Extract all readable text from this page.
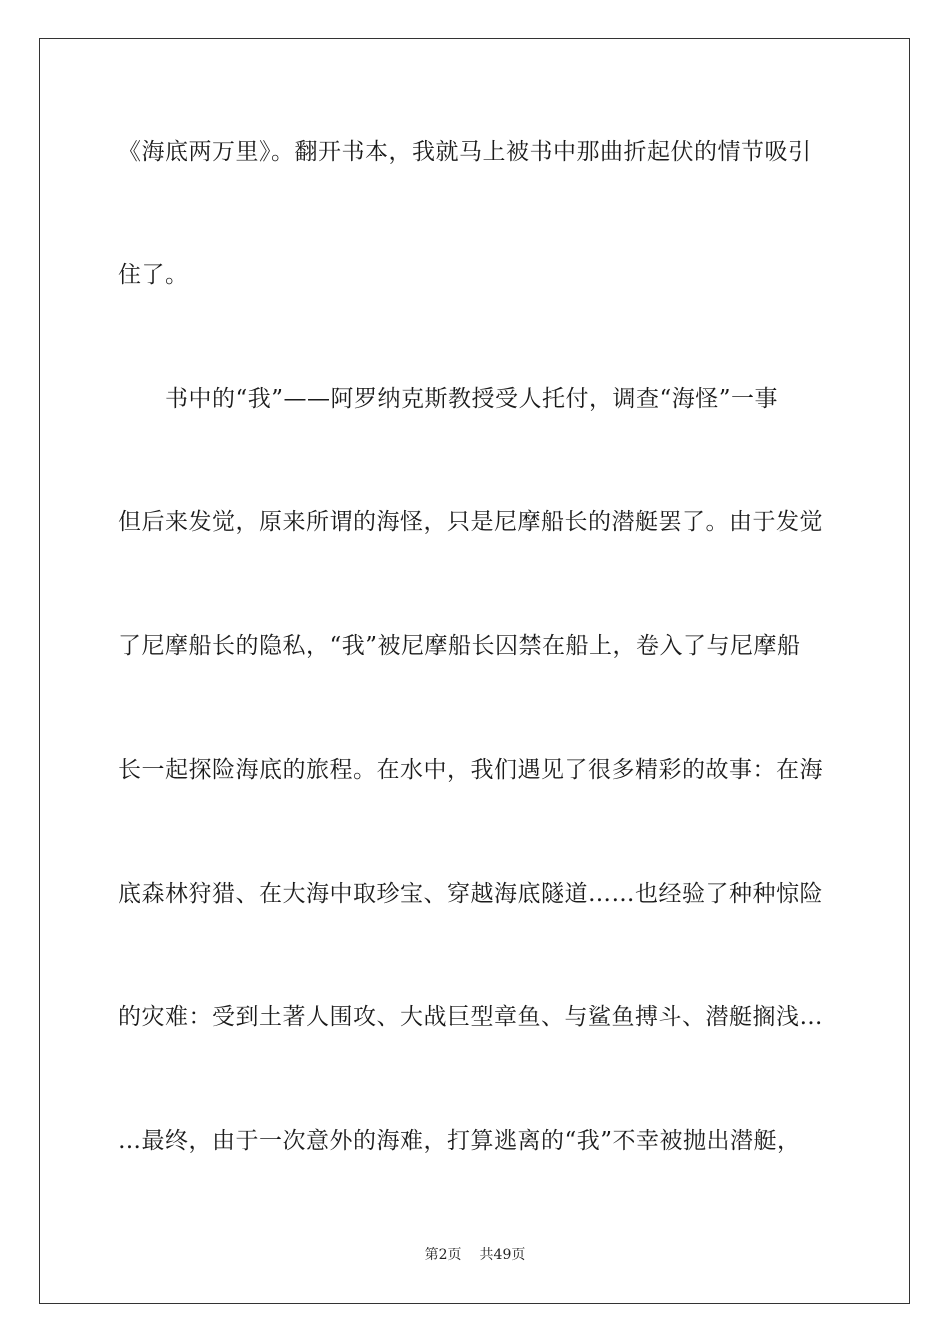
《海底两万里》。翻开书本，我就马上被书中那曲折起伏的情节吸引
住了。
书中的“我”——阿罗纳克斯教授受人托付，调查“海怪”一事
但后来发觉，原来所谓的海怪，只是尼摩船长的潜艇罢了。由于发觉
了尼摩船长的隐私，“我”被尼摩船长囚禁在船上，卷入了与尼摩船
长一起探险海底的旅程。在水中，我们遇见了很多精彩的故事：在海
底森林狩猎、在大海中取珍宝、穿越海底隧道……也经验了种种惊险
的灾难：受到土著人围攻、大战巨型章鱼、与鲨鱼搏斗、潜艇搁浅…
…最终，由于一次意外的海难，打算逃离的“我”不幸被抛出潜艇，
第2页 共49页
